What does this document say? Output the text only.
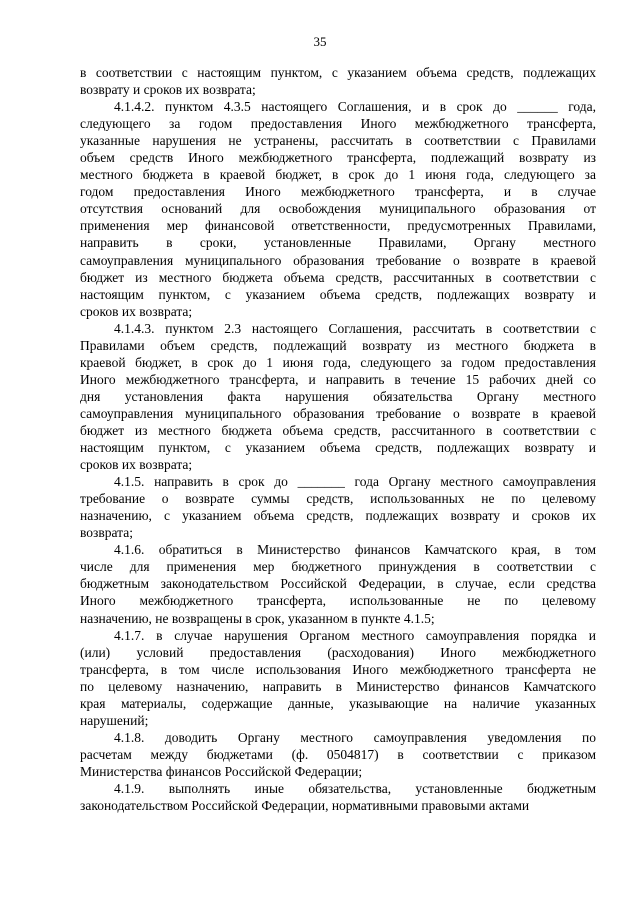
35
в соответствии с настоящим пунктом, с указанием объема средств, подлежащих
возврату и сроков их возврата;
4.1.4.2. пунктом 4.3.5 настоящего Соглашения, и в срок до ______ года,
следующего за годом предоставления Иного межбюджетного трансферта,
указанные нарушения не устранены, рассчитать в соответствии с Правилами
объем средств Иного межбюджетного трансферта, подлежащий возврату из
местного бюджета в краевой бюджет, в срок до 1 июня года, следующего за
годом предоставления Иного межбюджетного трансферта, и в случае
отсутствия оснований для освобождения муниципального образования от
применения мер финансовой ответственности, предусмотренных Правилами,
направить в сроки, установленные Правилами, Органу местного
самоуправления муниципального образования требование о возврате в краевой
бюджет из местного бюджета объема средств, рассчитанных в соответствии с
настоящим пунктом, с указанием объема средств, подлежащих возврату и
сроков их возврата;
4.1.4.3. пунктом 2.3 настоящего Соглашения, рассчитать в соответствии с
Правилами объем средств, подлежащий возврату из местного бюджета в
краевой бюджет, в срок до 1 июня года, следующего за годом предоставления
Иного межбюджетного трансферта, и направить в течение 15 рабочих дней со
дня установления факта нарушения обязательства Органу местного
самоуправления муниципального образования требование о возврате в краевой
бюджет из местного бюджета объема средств, рассчитанного в соответствии с
настоящим пунктом, с указанием объема средств, подлежащих возврату и
сроков их возврата;
4.1.5. направить в срок до _______ года Органу местного самоуправления
требование о возврате суммы средств, использованных не по целевому
назначению, с указанием объема средств, подлежащих возврату и сроков их
возврата;
4.1.6. обратиться в Министерство финансов Камчатского края, в том
числе для применения мер бюджетного принуждения в соответствии с
бюджетным законодательством Российской Федерации, в случае, если средства
Иного межбюджетного трансферта, использованные не по целевому
назначению, не возвращены в срок, указанном в пункте 4.1.5;
4.1.7. в случае нарушения Органом местного самоуправления порядка и
(или) условий предоставления (расходования) Иного межбюджетного
трансферта, в том числе использования Иного межбюджетного трансферта не
по целевому назначению, направить в Министерство финансов Камчатского
края материалы, содержащие данные, указывающие на наличие указанных
нарушений;
4.1.8. доводить Органу местного самоуправления уведомления по
расчетам между бюджетами (ф. 0504817) в соответствии с приказом
Министерства финансов Российской Федерации;
4.1.9. выполнять иные обязательства, установленные бюджетным
законодательством Российской Федерации, нормативными правовыми актами
